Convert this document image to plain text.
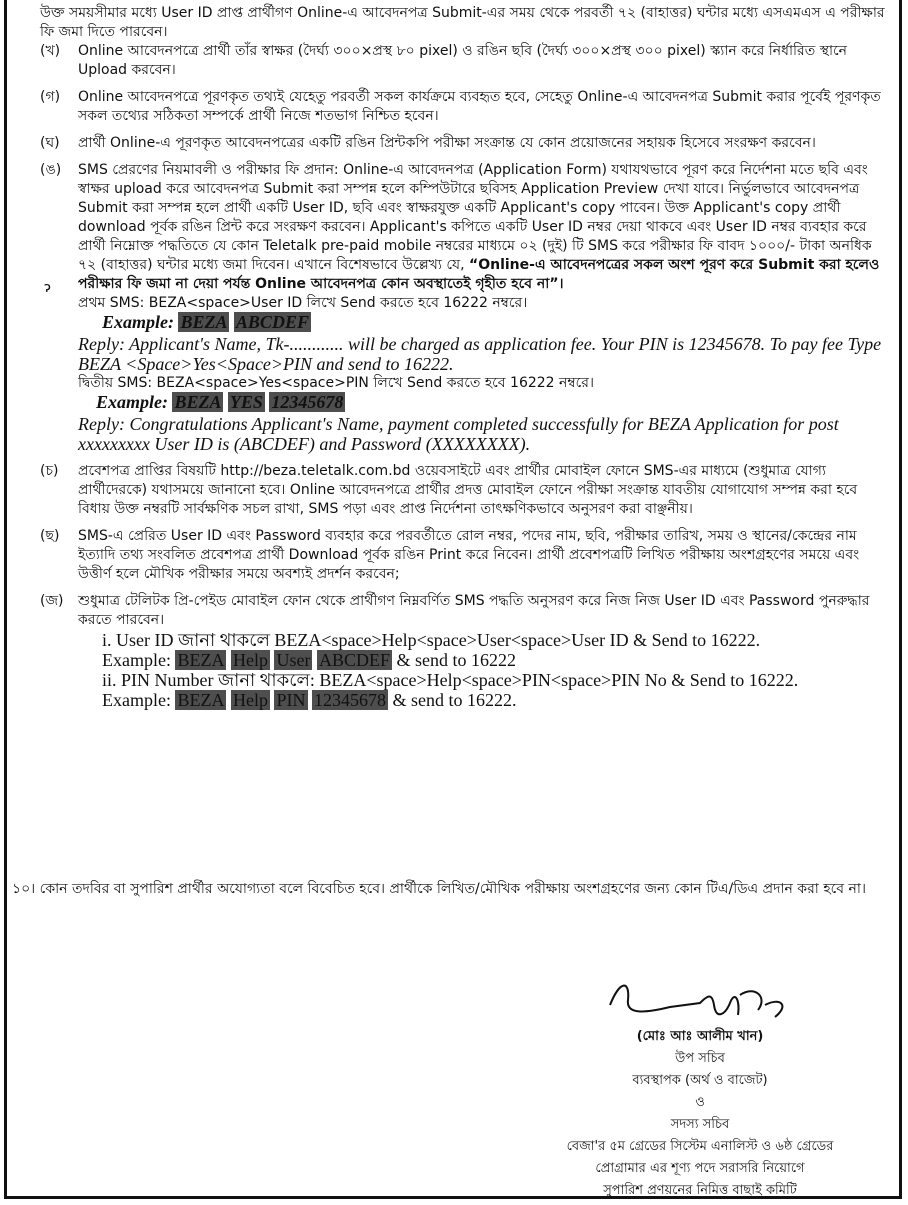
উক্ত সময়সীমার মধ্যে User ID প্রাপ্ত প্রার্থীগণ Online-এ আবেদনপত্র Submit-এর সময় থেকে পরবর্তী ৭২ (বাহাত্তর) ঘন্টার মধ্যে এসএমএস এ পরীক্ষার ফি জমা দিতে পারবেন।

(খ)	Online আবেদনপত্রে প্রার্থী তাঁর স্বাক্ষর (দৈর্ঘ্য ৩০০×প্রস্থ ৮০ pixel) ও রঙিন ছবি (দৈর্ঘ্য ৩০০×প্রস্থ ৩০০ pixel) স্ক্যান করে নির্ধারিত স্থানে Upload করবেন।
(গ)	Online আবেদনপত্রে পূরণকৃত তথ্যই যেহেতু পরবর্তী সকল কার্যক্রমে ব্যবহৃত হবে, সেহেতু Online-এ আবেদনপত্র Submit করার পূর্বেই পূরণকৃত সকল তথ্যের সঠিকতা সম্পর্কে প্রার্থী নিজে শতভাগ নিশ্চিত হবেন।
(ঘ)	প্রার্থী Online-এ পূরণকৃত আবেদনপত্রের একটি রঙিন প্রিন্টকপি পরীক্ষা সংক্রান্ত যে কোন প্রয়োজনের সহায়ক হিসেবে সংরক্ষণ করবেন।
(ঙ)	SMS প্রেরণের নিয়মাবলী ও পরীক্ষার ফি প্রদান: Online-এ আবেদনপত্র (Application Form) যথাযথভাবে পূরণ করে নির্দেশনা মতে ছবি এবং স্বাক্ষর upload করে আবেদনপত্র Submit করা সম্পন্ন হলে কম্পিউটারে ছবিসহ Application Preview দেখা যাবে। নির্ভুলভাবে আবেদনপত্র Submit করা সম্পন্ন হলে প্রার্থী একটি User ID, ছবি এবং স্বাক্ষরযুক্ত একটি Applicant's copy পাবেন। উক্ত Applicant's copy প্রার্থী download পূর্বক রঙিন প্রিন্ট করে সংরক্ষণ করবেন। Applicant's কপিতে একটি User ID নম্বর দেয়া থাকবে এবং User ID নম্বর ব্যবহার করে প্রার্থী নিম্নোক্ত পদ্ধতিতে যে কোন Teletalk pre-paid mobile নম্বরের মাধ্যমে ০২ (দুই) টি SMS করে পরীক্ষার ফি বাবদ ১০০০/- টাকা অনধিক ৭২ (বাহাত্তর) ঘন্টার মধ্যে জমা দিবেন। এখানে বিশেষভাবে উল্লেখ্য যে, “Online-এ আবেদনপত্রের সকল অংশ পূরণ করে Submit করা হলেও পরীক্ষার ফি জমা না দেয়া পর্যন্ত Online আবেদনপত্র কোন অবস্থাতেই গৃহীত হবে না”।
প্রথম SMS: BEZA<space>User ID লিখে Send করতে হবে 16222 নম্বরে।
Example: BEZA ABCDEF
Reply: Applicant's Name, Tk-............ will be charged as application fee. Your PIN is 12345678. To pay fee Type BEZA <Space>Yes<Space>PIN and send to 16222.
দ্বিতীয় SMS: BEZA<space>Yes<space>PIN লিখে Send করতে হবে 16222 নম্বরে।
Example: BEZA YES 12345678
Reply: Congratulations Applicant's Name, payment completed successfully for BEZA Application for post xxxxxxxxx User ID is (ABCDEF) and Password (XXXXXXXX).
(চ)	প্রবেশপত্র প্রাপ্তির বিষয়টি http://beza.teletalk.com.bd ওয়েবসাইটে এবং প্রার্থীর মোবাইল ফোনে SMS-এর মাধ্যমে (শুধুমাত্র যোগ্য প্রার্থীদেরকে) যথাসময়ে জানানো হবে। Online আবেদনপত্রে প্রার্থীর প্রদত্ত মোবাইল ফোনে পরীক্ষা সংক্রান্ত যাবতীয় যোগাযোগ সম্পন্ন করা হবে বিধায় উক্ত নম্বরটি সার্বক্ষণিক সচল রাখা, SMS পড়া এবং প্রাপ্ত নির্দেশনা তাৎক্ষণিকভাবে অনুসরণ করা বাঞ্ছনীয়।
(ছ)	SMS-এ প্রেরিত User ID এবং Password ব্যবহার করে পরবর্তীতে রোল নম্বর, পদের নাম, ছবি, পরীক্ষার তারিখ, সময় ও স্থানের/কেন্দ্রের নাম ইত্যাদি তথ্য সংবলিত প্রবেশপত্র প্রার্থী Download পূর্বক রঙিন Print করে নিবেন। প্রার্থী প্রবেশপত্রটি লিখিত পরীক্ষায় অংশগ্রহণের সময়ে এবং উত্তীর্ণ হলে মৌখিক পরীক্ষার সময়ে অবশ্যই প্রদর্শন করবেন;
(জ)	শুধুমাত্র টেলিটক প্রি-পেইড মোবাইল ফোন থেকে প্রার্থীগণ নিম্নবর্ণিত SMS পদ্ধতি অনুসরণ করে নিজ নিজ User ID এবং Password পুনরুদ্ধার করতে পারবেন।
i. User ID জানা থাকলে BEZA<space>Help<space>User<space>User ID & Send to 16222.
Example: BEZA Help User ABCDEF & send to 16222
ii. PIN Number জানা থাকলে: BEZA<space>Help<space>PIN<space>PIN No & Send to 16222.
Example: BEZA Help PIN 12345678 & send to 16222.
ɂ
১০। কোন তদবির বা সুপারিশ প্রার্থীর অযোগ্যতা বলে বিবেচিত হবে। প্রার্থীকে লিখিত/মৌখিক পরীক্ষায় অংশগ্রহণের জন্য কোন টিএ/ডিএ প্রদান করা হবে না।
(মোঃ আঃ আলীম খান)
উপ সচিব
ব্যবস্থাপক (অর্থ ও বাজেট)
ও
সদস্য সচিব
বেজা'র ৫ম গ্রেডের সিস্টেম এনালিস্ট ও ৬ষ্ঠ গ্রেডের
প্রোগ্রামার এর শূণ্য পদে সরাসরি নিয়োগে
সুপারিশ প্রণয়নের নিমিত্ত বাছাই কমিটি
